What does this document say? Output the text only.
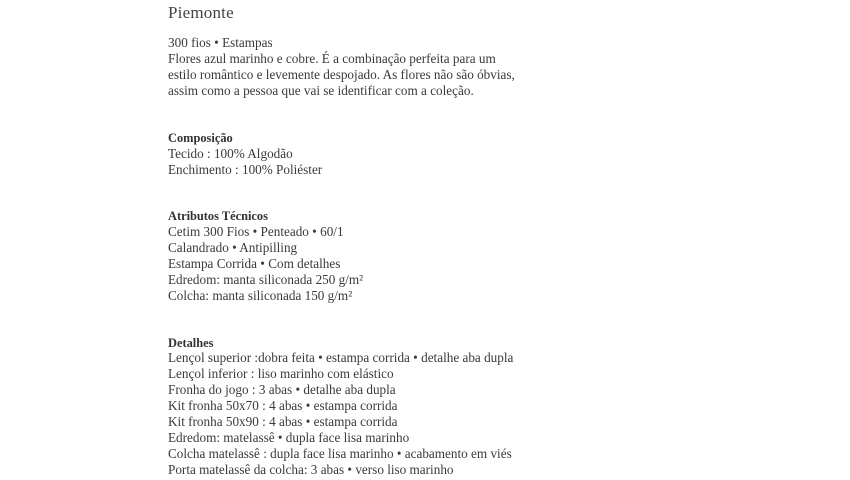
Piemonte
300 fios • Estampas
Flores azul marinho e cobre. É a combinação perfeita para um
estilo romântico e levemente despojado. As flores não são óbvias,
assim como a pessoa que vai se identificar com a coleção.
Composição
Tecido : 100% Algodão
Enchimento : 100% Poliéster
Atributos Técnicos
Cetim 300 Fios • Penteado • 60/1
Calandrado • Antipilling
Estampa Corrida • Com detalhes
Edredom: manta siliconada 250 g/m²
Colcha: manta siliconada 150 g/m²
Detalhes
Lençol superior :dobra feita • estampa corrida • detalhe aba dupla
Lençol inferior : liso marinho com elástico
Fronha do jogo : 3 abas • detalhe aba dupla
Kit fronha 50x70 : 4 abas • estampa corrida
Kit fronha 50x90 : 4 abas • estampa corrida
Edredom: matelassê • dupla face lisa marinho
Colcha matelassê : dupla face lisa marinho • acabamento em viés
Porta matelassê da colcha: 3 abas • verso liso marinho
